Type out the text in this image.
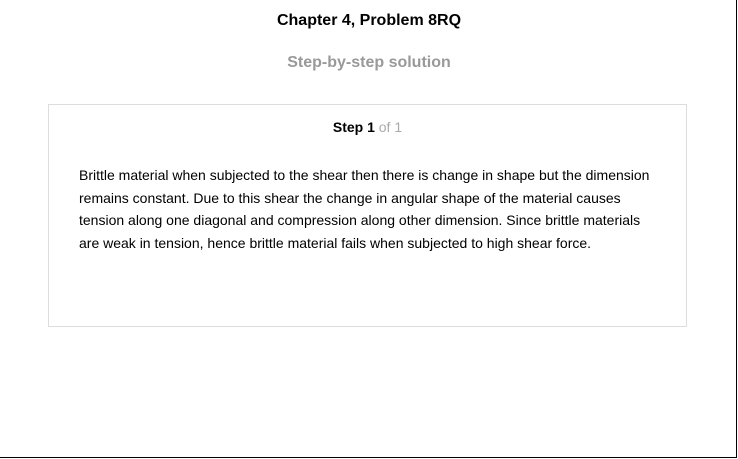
Chapter 4, Problem 8RQ
Step-by-step solution
Step 1 of 1
Brittle material when subjected to the shear then there is change in shape but the dimension remains constant. Due to this shear the change in angular shape of the material causes tension along one diagonal and compression along other dimension. Since brittle materials are weak in tension, hence brittle material fails when subjected to high shear force.
